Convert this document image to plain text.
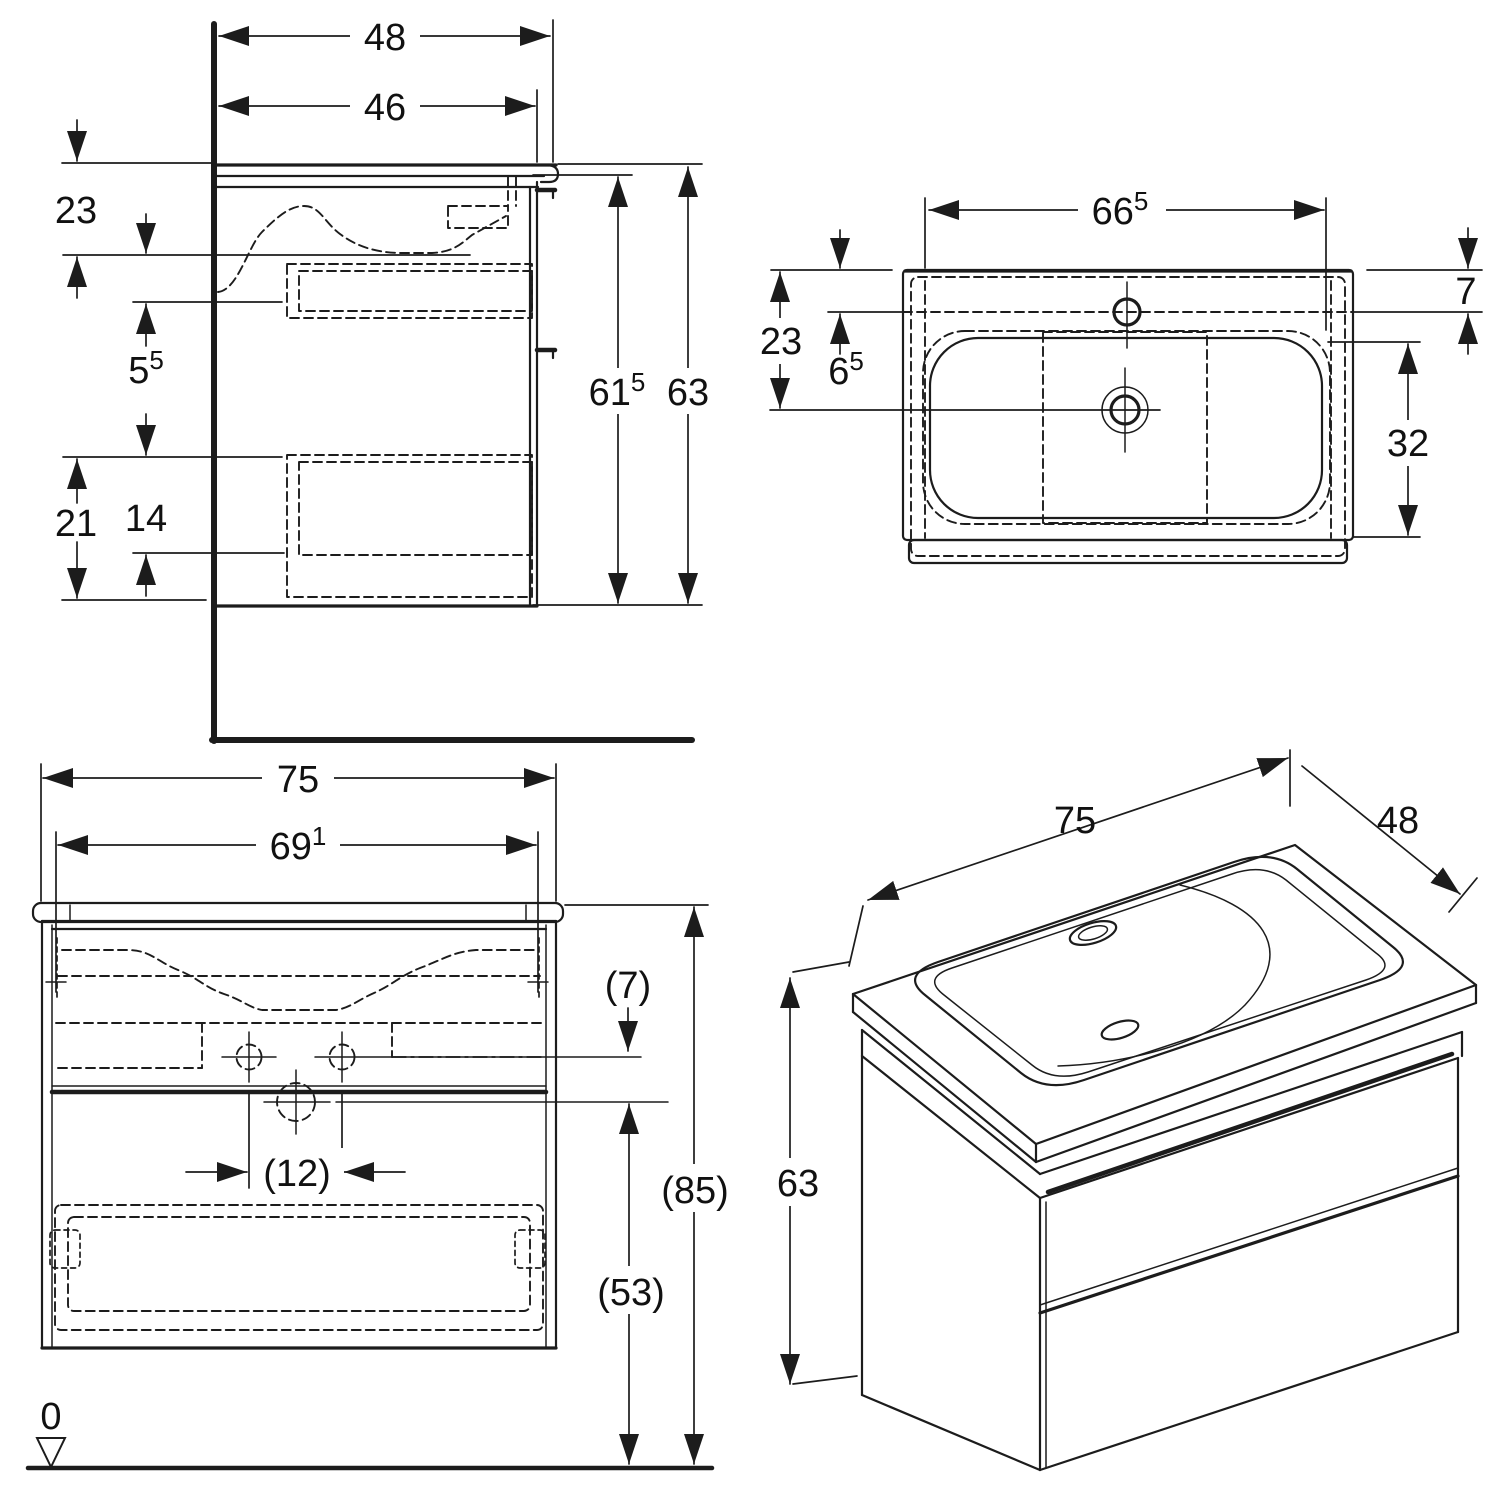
48
46
23
$5^5$
21 14
$61^5$ 63
$66^5$
7
23
$6^5$
32
75
$69^1$
(7)
(12)	(85)
(53)
0
75	48
63
